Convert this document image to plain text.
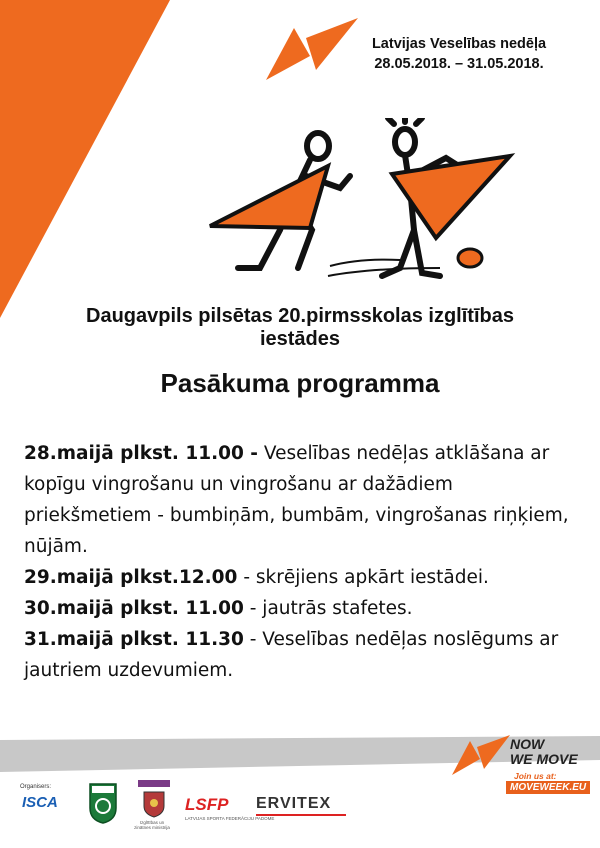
Latvijas Veselības nedēļa
28.05.2018. – 31.05.2018.
Daugavpils pilsētas 20.pirmsskolas izglītības
iestādes
Pasākuma programma

28.maijā plkst. 11.00 - Veselības nedēļas atklāšana ar kopīgu vingrošanu un vingrošanu ar dažādiem priekšmetiem - bumbiņām, bumbām, vingrošanas riņķiem, nūjām.

29.maijā plkst.12.00 - skrējiens apkārt iestādei.

30.maijā plkst. 11.00 - jautrās stafetes.

31.maijā plkst. 11.30 - Veselības nedēļas noslēgums ar jautriem uzdevumiem.

NOW
WE MOVE
Join us at:
MOVEWEEK.EU
Organisers:
ISCA
Izglītības un zinātnes ministrija
LSFP
LATVIJAS SPORTA FEDERĀCIJU PADOME
ERVITEX
